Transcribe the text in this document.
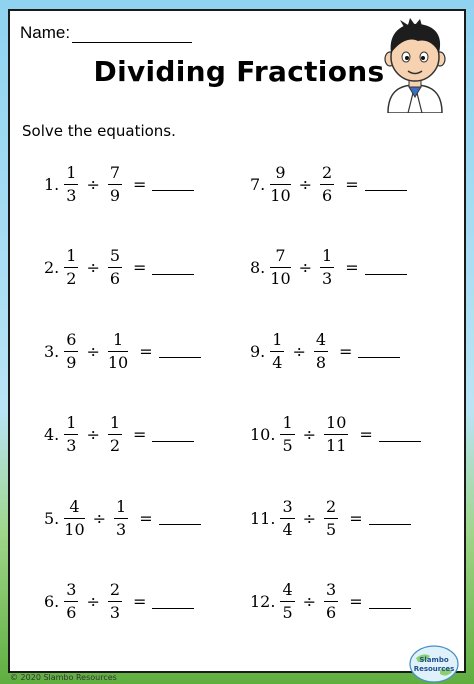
Name:
Dividing Fractions
Solve the equations.
1. $\frac{1}{3} \div \frac{7}{9}$ =
2. $\frac{1}{2} \div \frac{5}{6}$ =
3. $\frac{6}{9} \div \frac{1}{10}$ =
4. $\frac{1}{3} \div \frac{1}{2}$ =
5. $\frac{4}{10} \div \frac{1}{3}$ =
6. $\frac{3}{6} \div \frac{2}{3}$ =
7. $\frac{9}{10} \div \frac{2}{6}$ =
8. $\frac{7}{10} \div \frac{1}{3}$ =
9. $\frac{1}{4} \div \frac{4}{8}$ =
10. $\frac{1}{5} \div \frac{10}{11}$ =
11. $\frac{3}{4} \div \frac{2}{5}$ =
12. $\frac{4}{5} \div \frac{3}{6}$ =
© 2020 Slambo Resources
Slambo
Resources
